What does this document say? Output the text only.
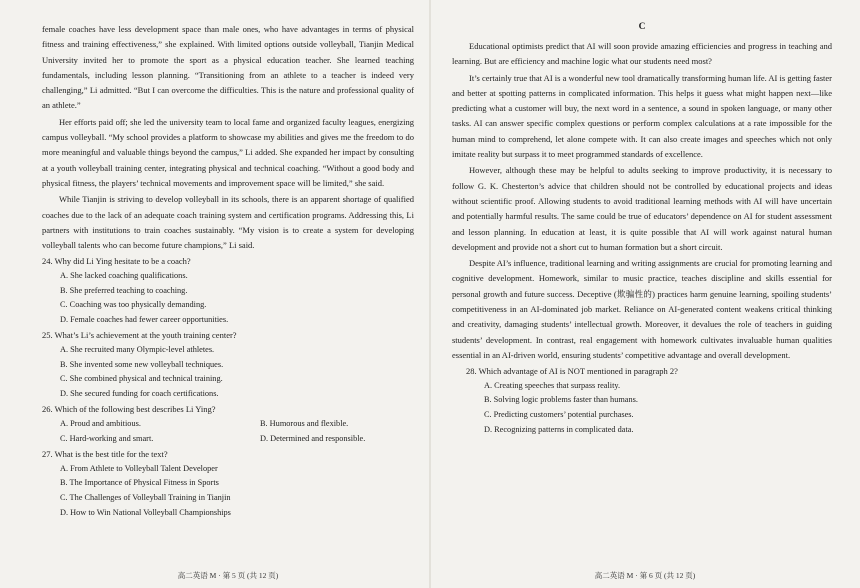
female coaches have less development space than male ones, who have advantages in terms of physical fitness and training effectiveness,” she explained. With limited options outside volleyball, Tianjin Medical University invited her to promote the sport as a physical education teacher. She learned teaching fundamentals, including lesson planning. “Transitioning from an athlete to a teacher is indeed very challenging,” Li admitted. “But I can overcome the difficulties. This is the nature and professional quality of an athlete.”

Her efforts paid off; she led the university team to local fame and organized faculty leagues, energizing campus volleyball. “My school provides a platform to showcase my abilities and gives me the freedom to do more meaningful and valuable things beyond the campus,” Li added. She expanded her impact by consulting at a youth volleyball training center, integrating physical and technical coaching. “Without a good body and physical fitness, the players’ technical movements and improvement space will be limited,” she said.

While Tianjin is striving to develop volleyball in its schools, there is an apparent shortage of qualified coaches due to the lack of an adequate coach training system and certification programs. Addressing this, Li partners with institutions to train coaches sustainably. “My vision is to create a system for developing volleyball talents who can become future champions,” Li said.

24. Why did Li Ying hesitate to be a coach?
A. She lacked coaching qualifications.
B. She preferred teaching to coaching.
C. Coaching was too physically demanding.
D. Female coaches had fewer career opportunities.
25. What’s Li’s achievement at the youth training center?
A. She recruited many Olympic-level athletes.
B. She invented some new volleyball techniques.
C. She combined physical and technical training.
D. She secured funding for coach certifications.
26. Which of the following best describes Li Ying?
A. Proud and ambitious.	B. Humorous and flexible.
C. Hard-working and smart.	D. Determined and responsible.
27. What is the best title for the text?
A. From Athlete to Volleyball Talent Developer
B. The Importance of Physical Fitness in Sports
C. The Challenges of Volleyball Training in Tianjin
D. How to Win National Volleyball Championships
高二英语 M · 第 5 页 (共 12 页)
C

Educational optimists predict that AI will soon provide amazing efficiencies and progress in teaching and learning. But are efficiency and machine logic what our students need most?

It’s certainly true that AI is a wonderful new tool dramatically transforming human life. AI is getting faster and better at spotting patterns in complicated information. This helps it guess what might happen next—like predicting what a customer will buy, the next word in a sentence, a sound in spoken language, or many other tasks. AI can answer specific complex questions or perform complex calculations at a rate impossible for the human mind to comprehend, let alone compete with. It can also create images and speeches which not only imitate reality but surpass it to meet programmed standards of excellence.

However, although these may be helpful to adults seeking to improve productivity, it is necessary to follow G. K. Chesterton’s advice that children should not be controlled by educational projects and ideas without scientific proof. Allowing students to avoid traditional learning methods with AI will have uncertain and potentially harmful results. The same could be true of educators’ dependence on AI for student assessment and lesson planning. In education at least, it is quite possible that AI will work against natural human development and provide not a short cut to human formation but a short circuit.

Despite AI’s influence, traditional learning and writing assignments are crucial for promoting learning and cognitive development. Homework, similar to music practice, teaches discipline and skills essential for personal growth and future success. Deceptive (欺骗性的) practices harm genuine learning, spoiling students’ competitiveness in an AI-dominated job market. Reliance on AI-generated content weakens critical thinking and creativity, damaging students’ intellectual growth. Moreover, it devalues the role of teachers in guiding students’ development. In contrast, real engagement with homework cultivates invaluable human qualities essential in an AI-driven world, ensuring students’ competitive advantage and overall development.

28. Which advantage of AI is NOT mentioned in paragraph 2?
A. Creating speeches that surpass reality.
B. Solving logic problems faster than humans.
C. Predicting customers’ potential purchases.
D. Recognizing patterns in complicated data.
高二英语 M · 第 6 页 (共 12 页)
